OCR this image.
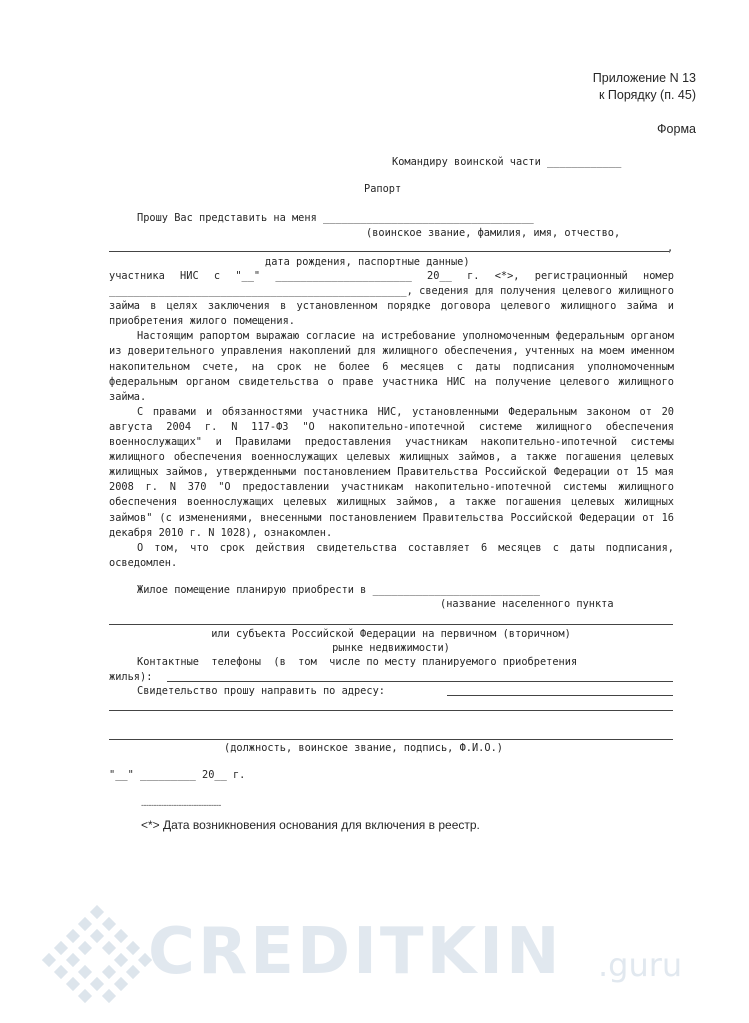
Приложение N 13
к Порядку (п. 45)
Форма
Командиру воинской части ____________
Рапорт
Прошу Вас представить на меня __________________________________
(воинское звание, фамилия, имя, отчество,
,
дата рождения, паспортные данные)

участника НИС с "__" ______________________ 20__ г. <*>, регистрационный номер ________________________________________________, сведения для получения целевого жилищного займа в целях заключения в установленном порядке договора целевого жилищного займа и приобретения жилого помещения.

Настоящим рапортом выражаю согласие на истребование уполномоченным федеральным органом из доверительного управления накоплений для жилищного обеспечения, учтенных на моем именном накопительном счете, на срок не более 6 месяцев с даты подписания уполномоченным федеральным органом свидетельства о праве участника НИС на получение целевого жилищного займа.

С правами и обязанностями участника НИС, установленными Федеральным законом от 20 августа 2004 г. N 117-ФЗ "О накопительно-ипотечной системе жилищного обеспечения военнослужащих" и Правилами предоставления участникам накопительно-ипотечной системы жилищного обеспечения военнослужащих целевых жилищных займов, а также погашения целевых жилищных займов, утвержденными постановлением Правительства Российской Федерации от 15 мая 2008 г. N 370 "О предоставлении участникам накопительно-ипотечной системы жилищного обеспечения военнослужащих целевых жилищных займов, а также погашения целевых жилищных займов" (с изменениями, внесенными постановлением Правительства Российской Федерации от 16 декабря 2010 г. N 1028), ознакомлен.

О том, что срок действия свидетельства составляет 6 месяцев с даты подписания, осведомлен.

Жилое помещение планирую приобрести в ___________________________
(название населенного пункта
или субъекта Российской Федерации на первичном (вторичном)
рынке недвижимости)
Контактные  телефоны  (в  том  числе по месту планируемого приобретения
жилья):
Свидетельство прошу направить по адресу:
(должность, воинское звание, подпись, Ф.И.О.)
"__" _________ 20__ г.
--------------------------------
<*> Дата возникновения основания для включения в реестр.
CREDITKIN .guru
